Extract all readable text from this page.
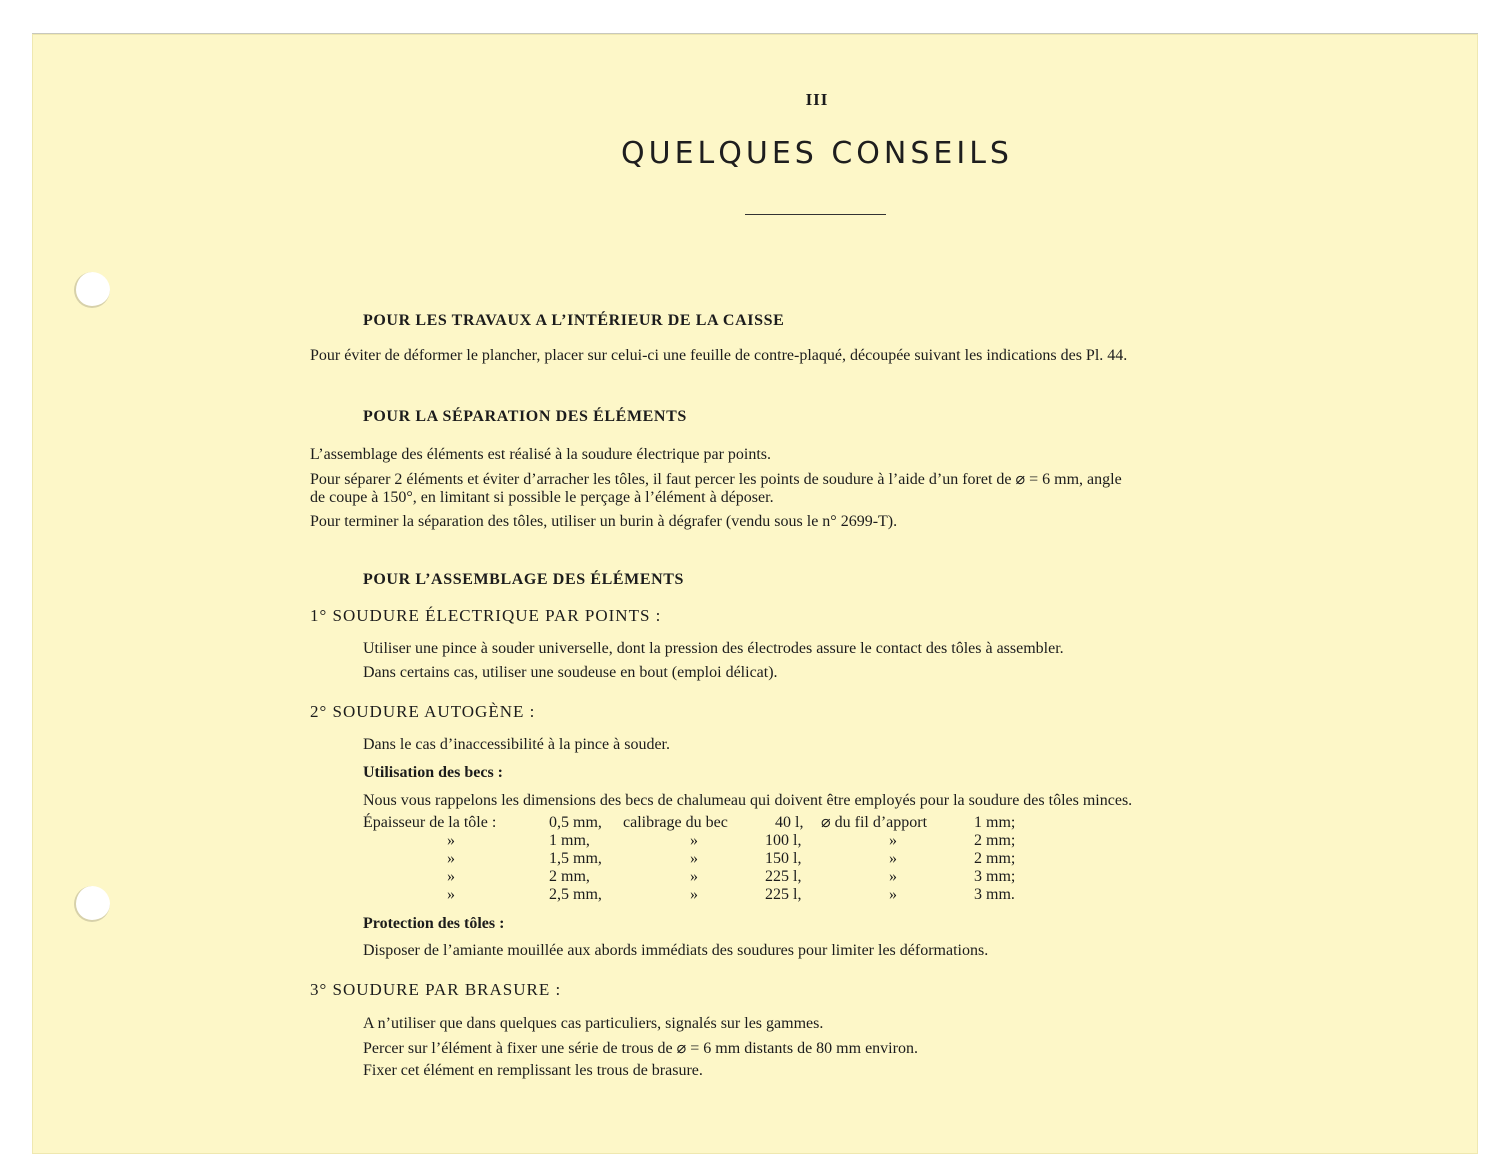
III
QUELQUES CONSEILS
POUR LES TRAVAUX A L’INTÉRIEUR DE LA CAISSE
Pour éviter de déformer le plancher, placer sur celui-ci une feuille de contre-plaqué, découpée suivant les indications des Pl. 44.
POUR LA SÉPARATION DES ÉLÉMENTS
L’assemblage des éléments est réalisé à la soudure électrique par points.
Pour séparer 2 éléments et éviter d’arracher les tôles, il faut percer les points de soudure à l’aide d’un foret de ⌀ = 6 mm, angle
de coupe à 150°, en limitant si possible le perçage à l’élément à déposer.
Pour terminer la séparation des tôles, utiliser un burin à dégrafer (vendu sous le n° 2699-T).
POUR L’ASSEMBLAGE DES ÉLÉMENTS
1° SOUDURE ÉLECTRIQUE PAR POINTS :
Utiliser une pince à souder universelle, dont la pression des électrodes assure le contact des tôles à assembler.
Dans certains cas, utiliser une soudeuse en bout (emploi délicat).
2° SOUDURE AUTOGÈNE :
Dans le cas d’inaccessibilité à la pince à souder.
Utilisation des becs :
Nous vous rappelons les dimensions des becs de chalumeau qui doivent être employés pour la soudure des tôles minces.
Épaisseur de la tôle :	0,5 mm, calibrage du bec	40 l, ⌀ du fil d’apport	1 mm;
»	1 mm,	»	100 l,	»	2 mm;
»	1,5 mm,	»	150 l,	»	2 mm;
»	2 mm,	»	225 l,	»	3 mm;
»	2,5 mm,	»	225 l,	»	3 mm.
Protection des tôles :
Disposer de l’amiante mouillée aux abords immédiats des soudures pour limiter les déformations.
3° SOUDURE PAR BRASURE :
A n’utiliser que dans quelques cas particuliers, signalés sur les gammes.
Percer sur l’élément à fixer une série de trous de ⌀ = 6 mm distants de 80 mm environ.
Fixer cet élément en remplissant les trous de brasure.
